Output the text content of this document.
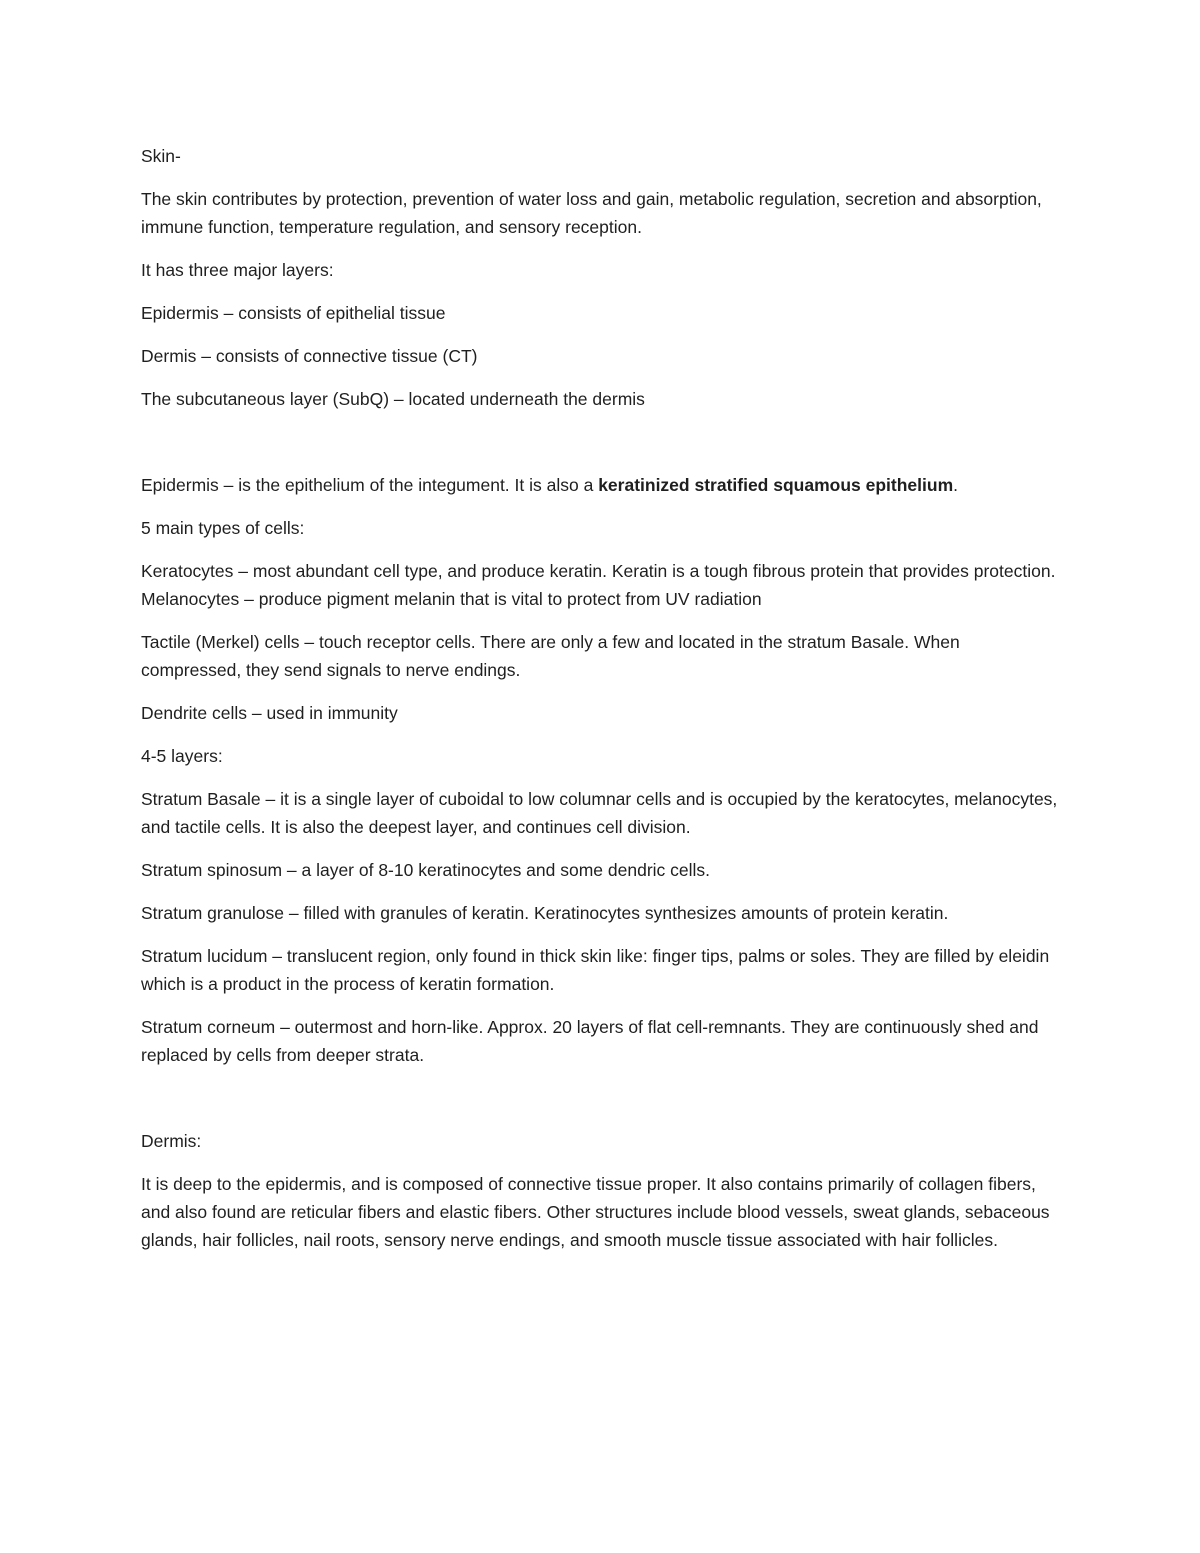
Skin-

The skin contributes by protection, prevention of water loss and gain, metabolic regulation, secretion and absorption, immune function, temperature regulation, and sensory reception.

It has three major layers:

Epidermis – consists of epithelial tissue

Dermis – consists of connective tissue (CT)

The subcutaneous layer (SubQ) – located underneath the dermis

Epidermis – is the epithelium of the integument. It is also a keratinized stratified squamous epithelium.

5 main types of cells:

Keratocytes – most abundant cell type, and produce keratin. Keratin is a tough fibrous protein that provides protection.

Melanocytes – produce pigment melanin that is vital to protect from UV radiation

Tactile (Merkel) cells – touch receptor cells. There are only a few and located in the stratum Basale. When compressed, they send signals to nerve endings.

Dendrite cells – used in immunity

4-5 layers:

Stratum Basale – it is a single layer of cuboidal to low columnar cells and is occupied by the keratocytes, melanocytes, and tactile cells. It is also the deepest layer, and continues cell division.

Stratum spinosum – a layer of 8-10 keratinocytes and some dendric cells.

Stratum granulose – filled with granules of keratin. Keratinocytes synthesizes amounts of protein keratin.

Stratum lucidum – translucent region, only found in thick skin like: finger tips, palms or soles. They are filled by eleidin which is a product in the process of keratin formation.

Stratum corneum – outermost and horn-like. Approx. 20 layers of flat cell-remnants. They are continuously shed and replaced by cells from deeper strata.

Dermis:

It is deep to the epidermis, and is composed of connective tissue proper. It also contains primarily of collagen fibers, and also found are reticular fibers and elastic fibers. Other structures include blood vessels, sweat glands, sebaceous glands, hair follicles, nail roots, sensory nerve endings, and smooth muscle tissue associated with hair follicles.
